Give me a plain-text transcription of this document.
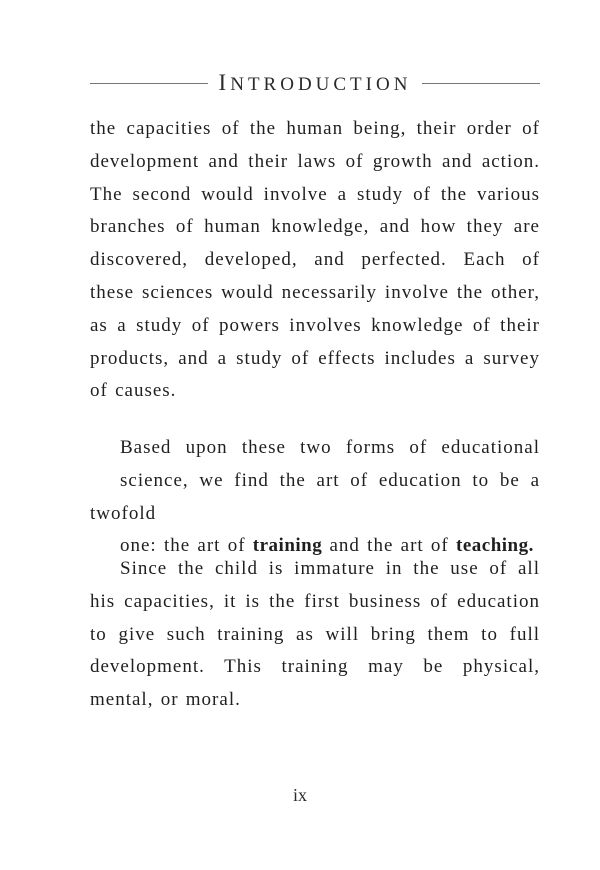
INTRODUCTION

the capacities of the human being, their order of development and their laws of growth and action. The second would involve a study of the various branches of human knowledge, and how they are discovered, developed, and perfected. Each of these sciences would necessarily involve the other, as a study of powers involves knowledge of their products, and a study of effects includes a survey of causes.

Based upon these two forms of educational
science, we find the art of education to be a twofold
one: the art of training and the art of teaching.

Since the child is immature in the use of all his capacities, it is the first business of education to give such training as will bring them to full development. This training may be physical, mental, or moral.

ix
